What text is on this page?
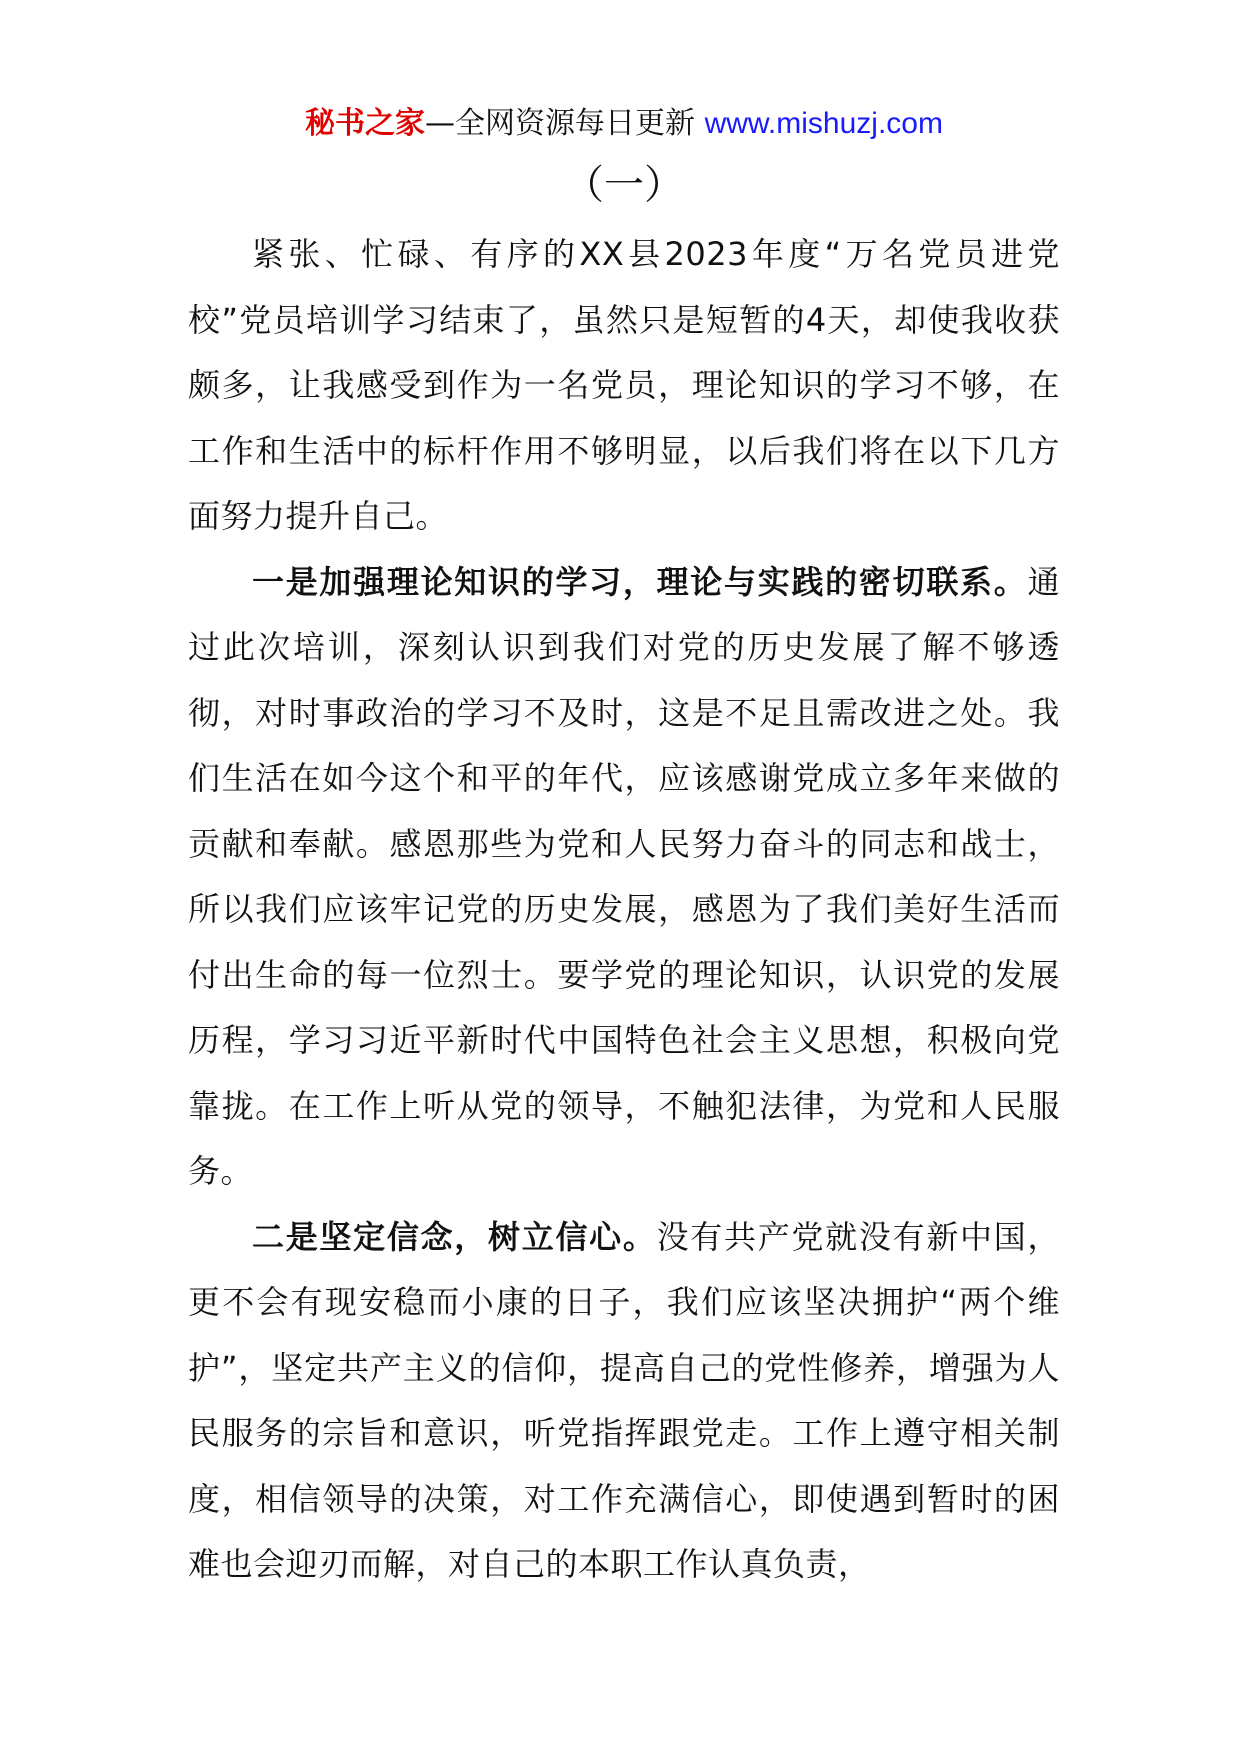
秘书之家—全网资源每日更新 www.mishuzj.com
（一）

紧张、忙碌、有序的XX县2023年度“万名党员进党校”党员培训学习结束了，虽然只是短暂的4天，却使我收获颇多，让我感受到作为一名党员，理论知识的学习不够，在工作和生活中的标杆作用不够明显，以后我们将在以下几方面努力提升自己。

一是加强理论知识的学习，理论与实践的密切联系。通过此次培训，深刻认识到我们对党的历史发展了解不够透彻，对时事政治的学习不及时，这是不足且需改进之处。我们生活在如今这个和平的年代，应该感谢党成立多年来做的贡献和奉献。感恩那些为党和人民努力奋斗的同志和战士，所以我们应该牢记党的历史发展，感恩为了我们美好生活而付出生命的每一位烈士。要学党的理论知识，认识党的发展历程，学习习近平新时代中国特色社会主义思想，积极向党靠拢。在工作上听从党的领导，不触犯法律，为党和人民服务。

二是坚定信念，树立信心。没有共产党就没有新中国，更不会有现安稳而小康的日子，我们应该坚决拥护“两个维护”，坚定共产主义的信仰，提高自己的党性修养，增强为人民服务的宗旨和意识，听党指挥跟党走。工作上遵守相关制度，相信领导的决策，对工作充满信心，即使遇到暂时的困难也会迎刃而解，对自己的本职工作认真负责，
